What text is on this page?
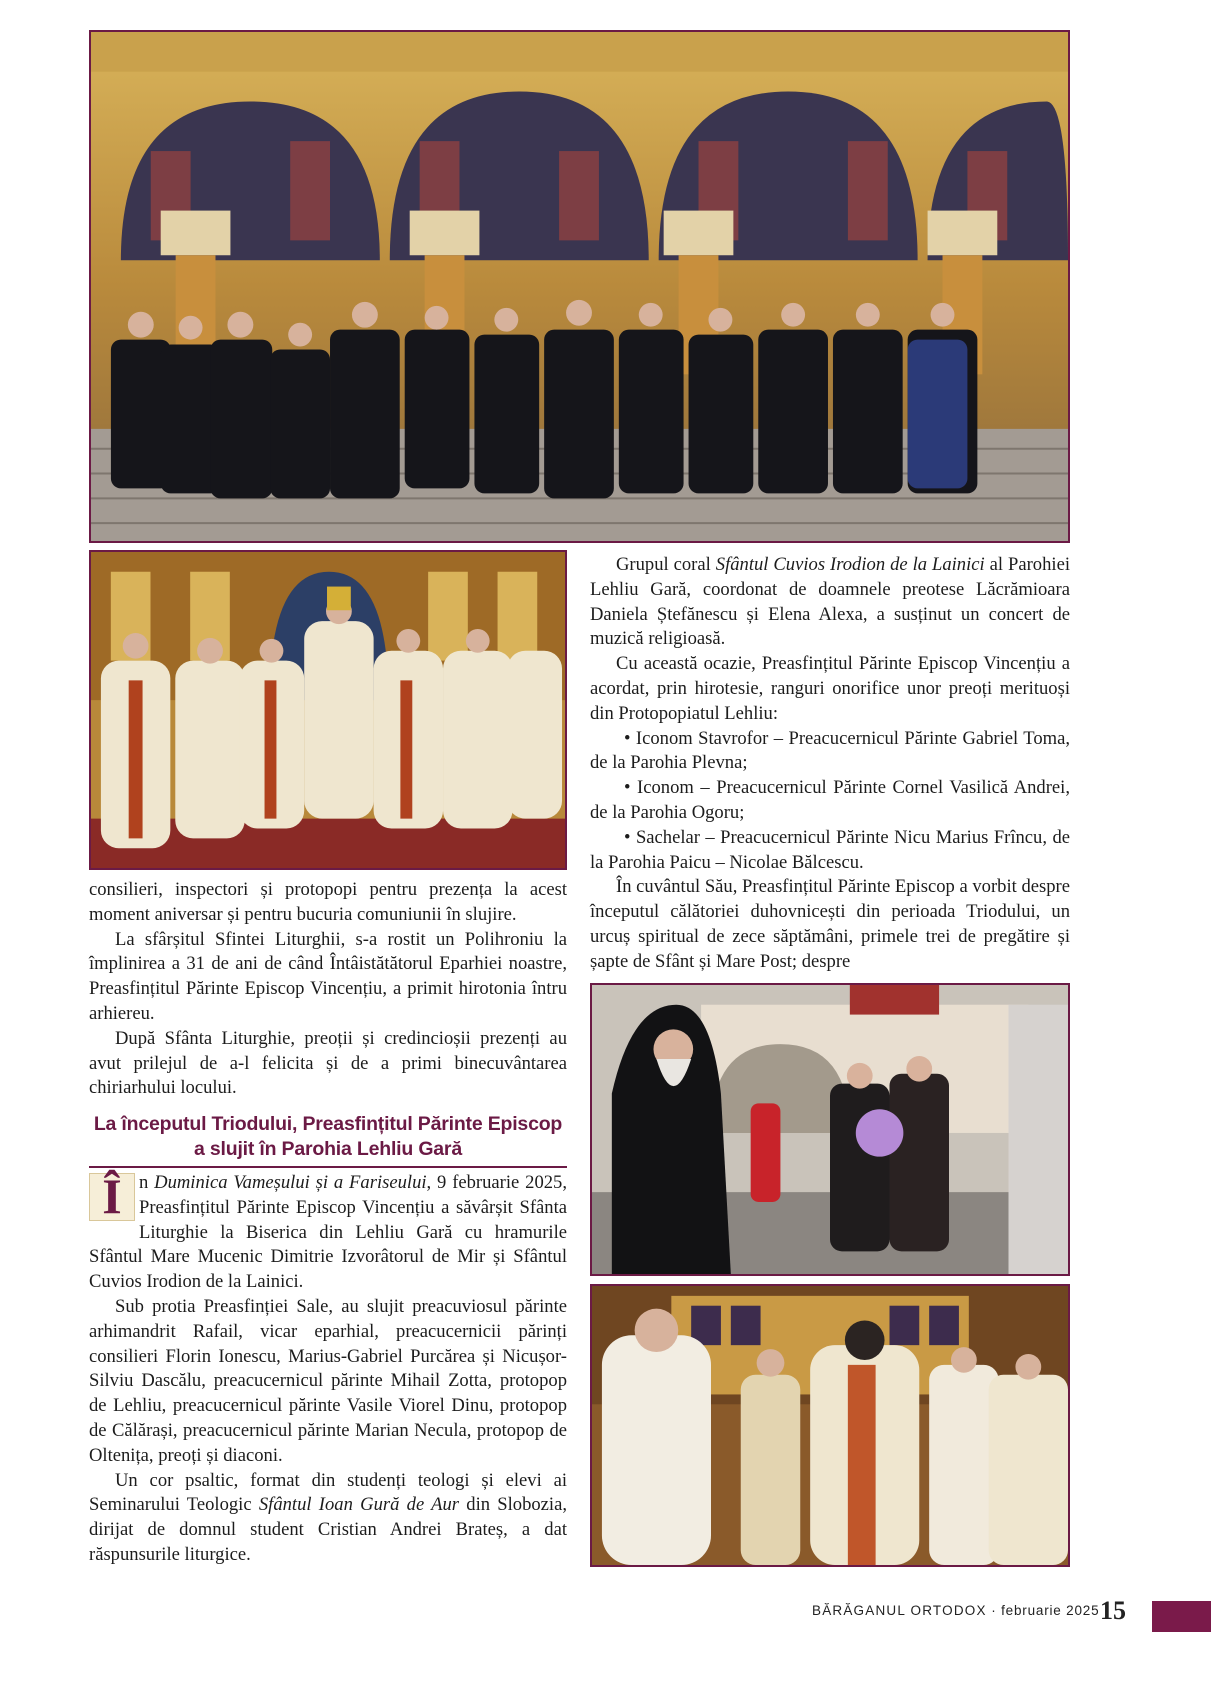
Grupul coral Sfântul Cuvios Irodion de la Lainici al Parohiei Lehliu Gară, coordonat de doamnele preotese Lăcrămioara Daniela Ștefănescu și Elena Alexa, a susținut un concert de muzică religioasă.

Cu această ocazie, Preasfințitul Părinte Episcop Vincențiu a acordat, prin hirotesie, ranguri onorifice unor preoți merituoși din Protopopiatul Lehliu:

• Iconom Stavrofor – Preacucernicul Părinte Gabriel Toma, de la Parohia Plevna;

• Iconom – Preacucernicul Părinte Cornel Vasilică Andrei, de la Parohia Ogoru;

• Sachelar – Preacucernicul Părinte Nicu Marius Frîncu, de la Parohia Paicu – Nicolae Bălcescu.

În cuvântul Său, Preasfințitul Părinte Episcop a vorbit despre începutul călătoriei duhovnicești din perioada Triodului, un urcuș spiritual de zece săptămâni, primele trei de pregătire și șapte de Sfânt și Mare Post; despre

consilieri, inspectori și protopopi pentru prezența la acest moment aniversar și pentru bucuria comuniunii în slujire.

La sfârșitul Sfintei Liturghii, s-a rostit un Polihroniu la împlinirea a 31 de ani de când Întâistătătorul Eparhiei noastre, Preasfințitul Părinte Episcop Vincențiu, a primit hirotonia întru arhiereu.

După Sfânta Liturghie, preoții și credincioșii prezenți au avut prilejul de a-l felicita și de a primi binecuvântarea chiriarhului locului.

La începutul Triodului, Preasfințitul Părinte Episcop
a slujit în Parohia Lehliu Gară

Î n Duminica Vameșului și a Fariseului, 9 februarie 2025, Preasfințitul Părinte Episcop Vincențiu a săvârșit Sfânta Liturghie la Biserica din Lehliu Gară cu hramurile Sfântul Mare Mucenic Dimitrie Izvorâtorul de Mir și Sfântul Cuvios Irodion de la Lainici.

Sub protia Preasfinției Sale, au slujit preacuviosul părinte arhimandrit Rafail, vicar eparhial, preacucernicii părinți consilieri Florin Ionescu, Marius-Gabriel Purcărea și Nicușor-Silviu Dascălu, preacucernicul părinte Mihail Zotta, protopop de Lehliu, preacucernicul părinte Vasile Viorel Dinu, protopop de Călărași, preacucernicul părinte Marian Necula, protopop de Oltenița, preoți și diaconi.

Un cor psaltic, format din studenți teologi și elevi ai Seminarului Teologic Sfântul Ioan Gură de Aur din Slobozia, dirijat de domnul student Cristian Andrei Brateș, a dat răspunsurile liturgice.

BĂRĂGANUL ORTODOX · februarie 2025 15
